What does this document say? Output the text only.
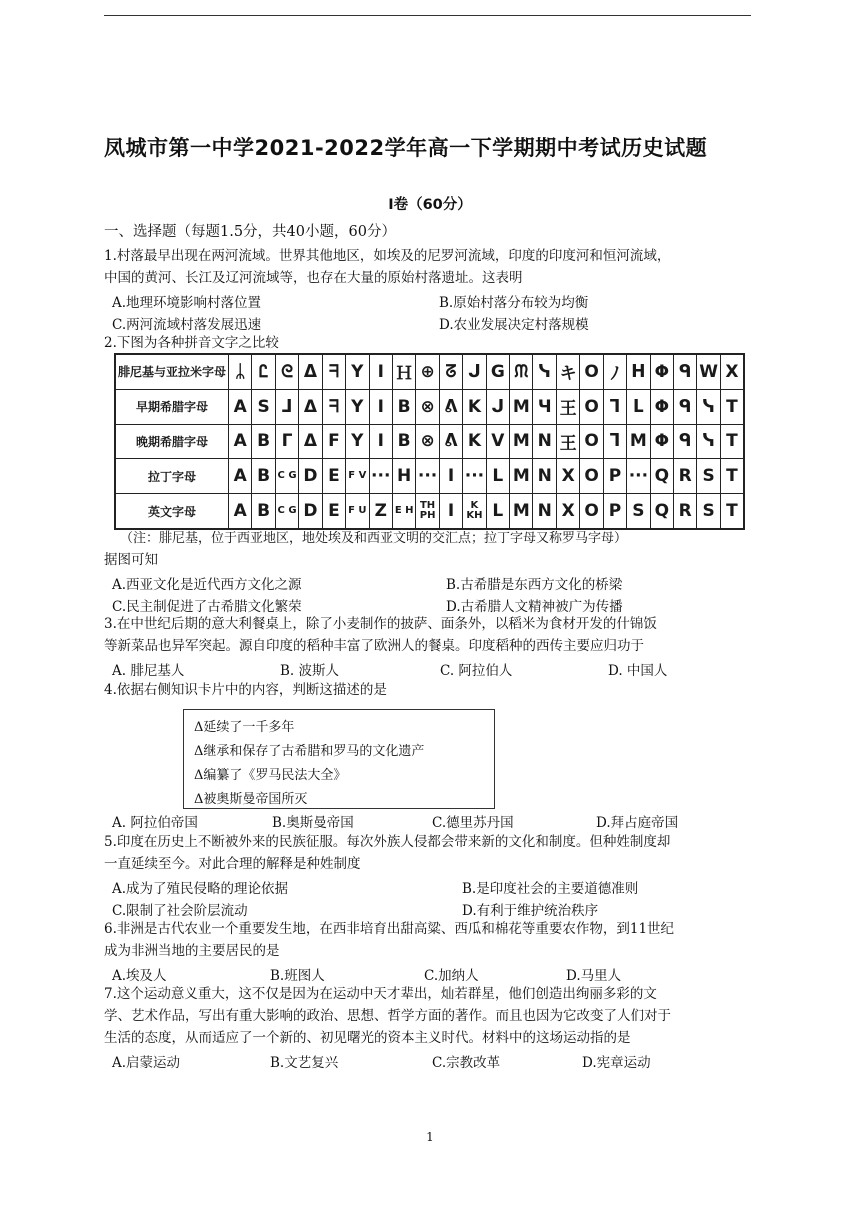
凤城市第一中学2021-2022学年高一下学期期中考试历史试题
Ⅰ卷（60分）
一、选择题（每题1.5分，共40小题，60分）
1.村落最早出现在两河流域。世界其他地区，如埃及的尼罗河流域，印度的印度河和恒河流域，
中国的黄河、长江及辽河流域等，也存在大量的原始村落遗址。这表明
A.地理环境影响村落位置	B.原始村落分布较为均衡
C.两河流域村落发展迅速	D.农业发展决定村落规模
2.下图为各种拼音文字之比较
腓尼基与亚拉米字母	ᛦ	Ꮭ	ᘓ	ᐃ	ᖷ	Y	I	Ｈ	⊕	ᘔ	ᒍ	G	ᙏ	ᓭ	キ	O	ﾉ	ᕼ	Φ	ᑫ	W	X
早期希腊字母	A	S	ᒧ	Δ	ᖷ	Y	I	B	⊗	ᕕ	K	ᒍ	M	Ч	王	O	ᒣ	ᒪ	Φ	ᑫ	ᓭ	T
晚期希腊字母	A	B	Γ	Δ	F	Y	I	B	⊗	ᕕ	K	V	M	N	王	O	ᒣ	M	Φ	ᑫ	ᓭ	T
拉丁字母	A	B	C G	D	E	F V	···	H	···	I	···	L	M	N	X	O	P	···	Q	R	S	T
英文字母	A	B	C G	D	E	F U	Z	E H	TH PH	I	K KH	L	M	N	X	O	P	S	Q	R	S	T
（注：腓尼基，位于西亚地区，地处埃及和西亚文明的交汇点；拉丁字母又称罗马字母）
据图可知
A.西亚文化是近代西方文化之源	B.古希腊是东西方文化的桥梁
C.民主制促进了古希腊文化繁荣	D.古希腊人文精神被广为传播
3.在中世纪后期的意大利餐桌上，除了小麦制作的披萨、面条外，以稻米为食材开发的什锦饭
等新菜品也异军突起。源自印度的稻种丰富了欧洲人的餐桌。印度稻种的西传主要应归功于
A. 腓尼基人	B. 波斯人	C. 阿拉伯人	D. 中国人
4.依据右侧知识卡片中的内容，判断这描述的是
Δ延续了一千多年
Δ继承和保存了古希腊和罗马的文化遗产
Δ编纂了《罗马民法大全》
Δ被奥斯曼帝国所灭
A. 阿拉伯帝国	B.奥斯曼帝国	C.德里苏丹国	D.拜占庭帝国
5.印度在历史上不断被外来的民族征服。每次外族人侵都会带来新的文化和制度。但种姓制度却
一直延续至今。对此合理的解释是种姓制度
A.成为了殖民侵略的理论依据	B.是印度社会的主要道德准则
C.限制了社会阶层流动	D.有利于维护统治秩序
6.非洲是古代农业一个重要发生地，在西非培育出甜高粱、西瓜和棉花等重要农作物，到11世纪
成为非洲当地的主要居民的是
A.埃及人	B.班图人	C.加纳人	D.马里人
7.这个运动意义重大，这不仅是因为在运动中天才辈出，灿若群星，他们创造出绚丽多彩的文
学、艺术作品，写出有重大影响的政治、思想、哲学方面的著作。而且也因为它改变了人们对于
生活的态度，从而适应了一个新的、初见曙光的资本主义时代。材料中的这场运动指的是
A.启蒙运动	B.文艺复兴	C.宗教改革	D.宪章运动
1
